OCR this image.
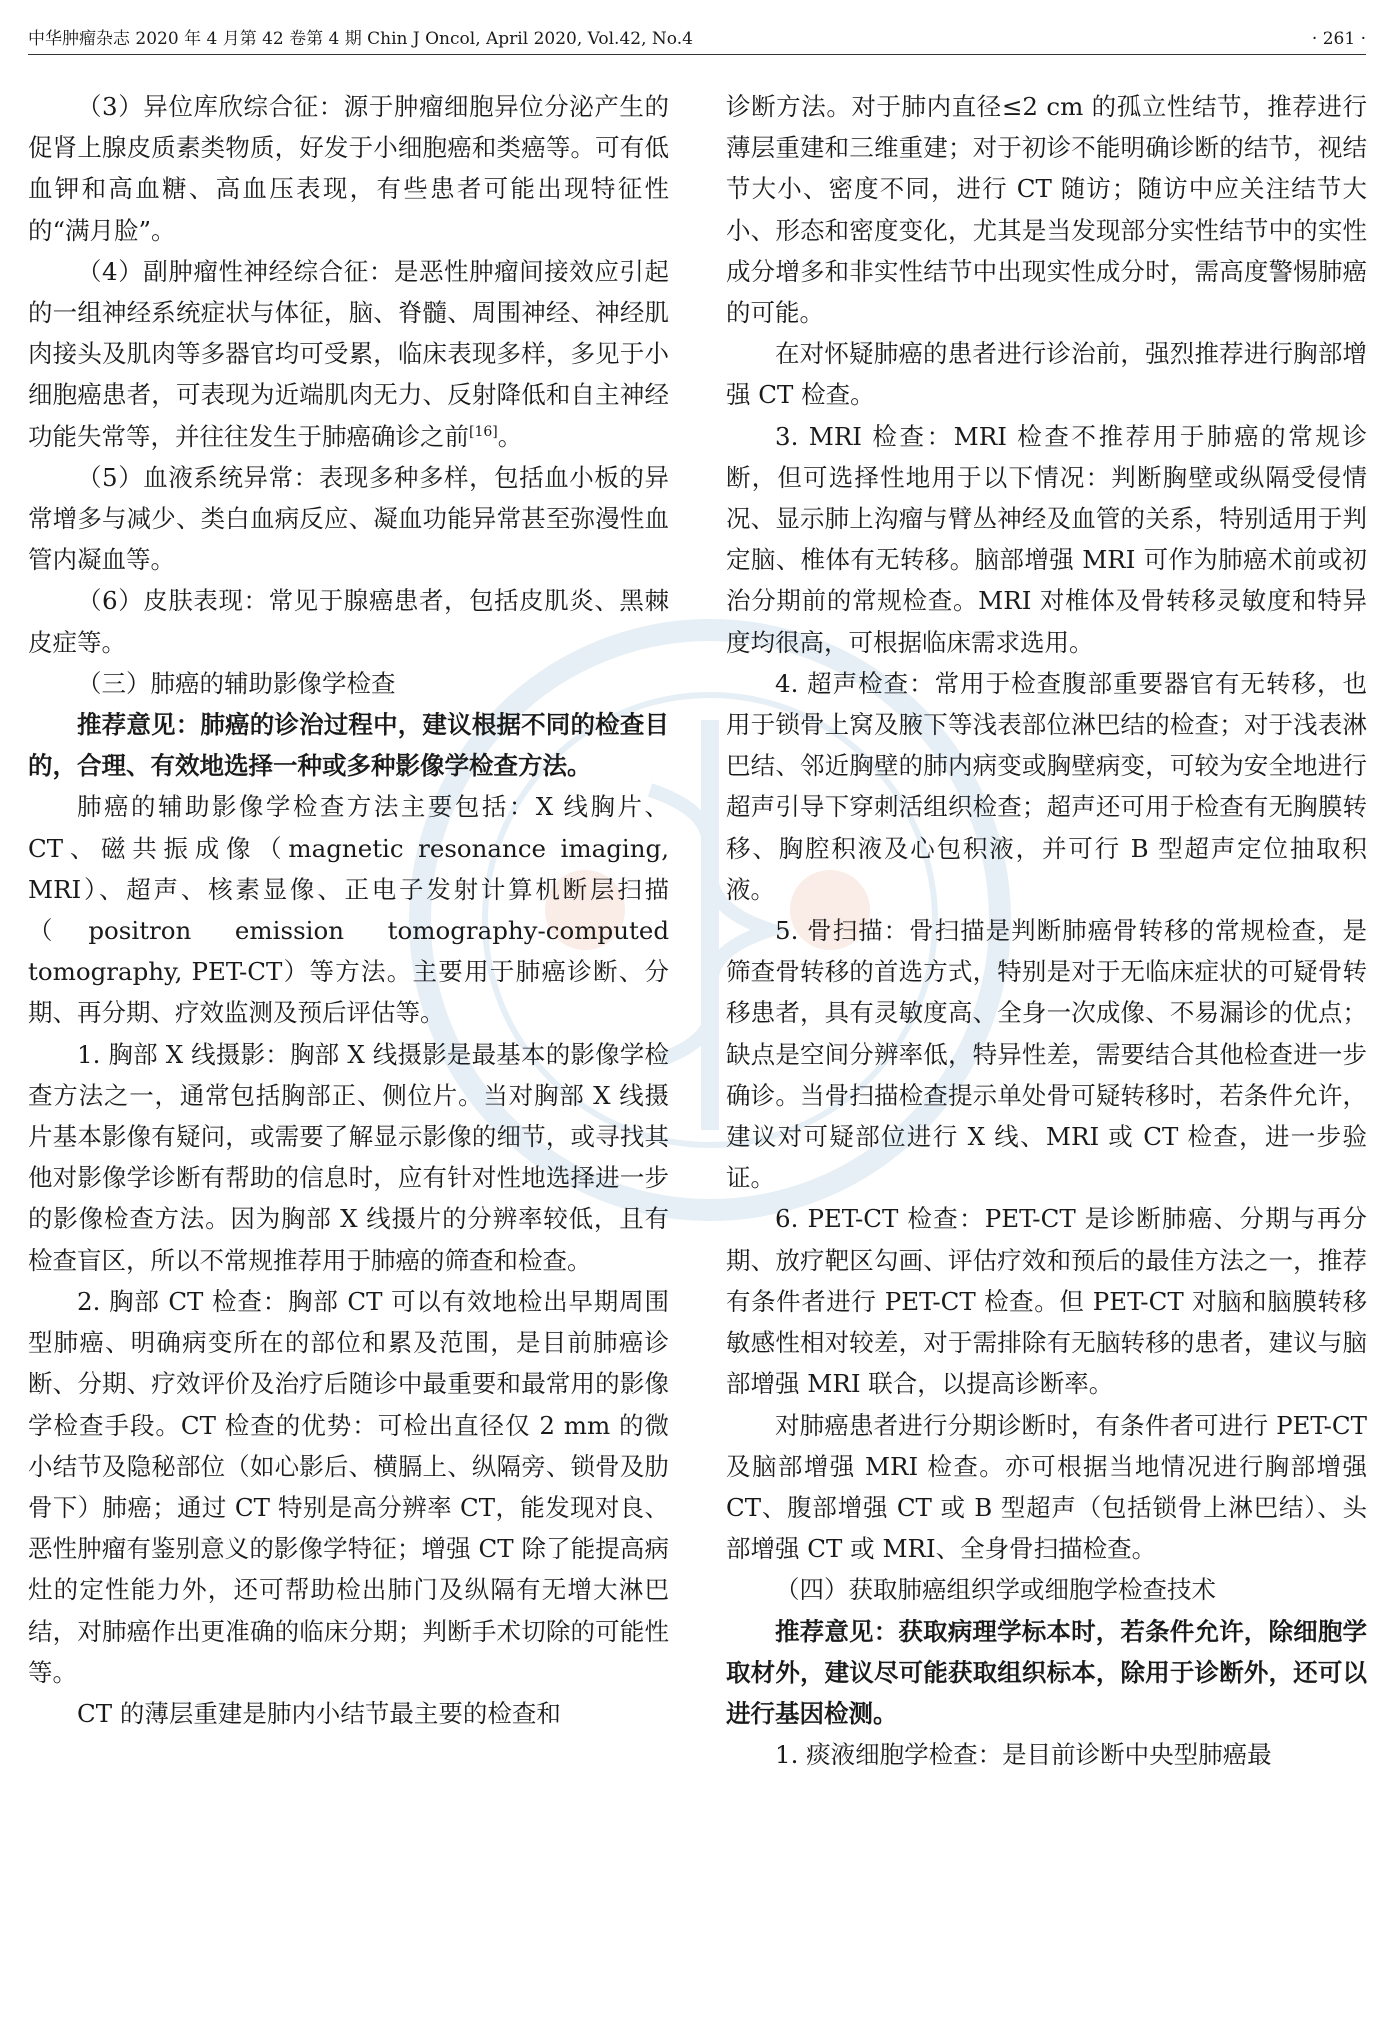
中华肿瘤杂志 2020 年 4 月第 42 卷第 4 期 Chin J Oncol, April 2020, Vol.42, No.4	· 261 ·

（3）异位库欣综合征：源于肿瘤细胞异位分泌产生的促肾上腺皮质素类物质，好发于小细胞癌和类癌等。可有低血钾和高血糖、高血压表现，有些患者可能出现特征性的“满月脸”。

（4）副肿瘤性神经综合征：是恶性肿瘤间接效应引起的一组神经系统症状与体征，脑、脊髓、周围神经、神经肌肉接头及肌肉等多器官均可受累，临床表现多样，多见于小细胞癌患者，可表现为近端肌肉无力、反射降低和自主神经功能失常等，并往往发生于肺癌确诊之前[16]。

（5）血液系统异常：表现多种多样，包括血小板的异常增多与减少、类白血病反应、凝血功能异常甚至弥漫性血管内凝血等。

（6）皮肤表现：常见于腺癌患者，包括皮肌炎、黑棘皮症等。

（三）肺癌的辅助影像学检查

推荐意见：肺癌的诊治过程中，建议根据不同的检查目的，合理、有效地选择一种或多种影像学检查方法。

肺癌的辅助影像学检查方法主要包括：X 线胸片、CT、磁共振成像（magnetic resonance imaging, MRI）、超声、核素显像、正电子发射计算机断层扫描（positron emission tomography-computed tomography, PET-CT）等方法。主要用于肺癌诊断、分期、再分期、疗效监测及预后评估等。

1. 胸部 X 线摄影：胸部 X 线摄影是最基本的影像学检查方法之一，通常包括胸部正、侧位片。当对胸部 X 线摄片基本影像有疑问，或需要了解显示影像的细节，或寻找其他对影像学诊断有帮助的信息时，应有针对性地选择进一步的影像检查方法。因为胸部 X 线摄片的分辨率较低，且有检查盲区，所以不常规推荐用于肺癌的筛查和检查。

2. 胸部 CT 检查：胸部 CT 可以有效地检出早期周围型肺癌、明确病变所在的部位和累及范围，是目前肺癌诊断、分期、疗效评价及治疗后随诊中最重要和最常用的影像学检查手段。CT 检查的优势：可检出直径仅 2 mm 的微小结节及隐秘部位（如心影后、横膈上、纵隔旁、锁骨及肋骨下）肺癌；通过 CT 特别是高分辨率 CT，能发现对良、恶性肿瘤有鉴别意义的影像学特征；增强 CT 除了能提高病灶的定性能力外，还可帮助检出肺门及纵隔有无增大淋巴结，对肺癌作出更准确的临床分期；判断手术切除的可能性等。

CT 的薄层重建是肺内小结节最主要的检查和

诊断方法。对于肺内直径≤2 cm 的孤立性结节，推荐进行薄层重建和三维重建；对于初诊不能明确诊断的结节，视结节大小、密度不同，进行 CT 随访；随访中应关注结节大小、形态和密度变化，尤其是当发现部分实性结节中的实性成分增多和非实性结节中出现实性成分时，需高度警惕肺癌的可能。

在对怀疑肺癌的患者进行诊治前，强烈推荐进行胸部增强 CT 检查。

3. MRI 检查：MRI 检查不推荐用于肺癌的常规诊断，但可选择性地用于以下情况：判断胸壁或纵隔受侵情况、显示肺上沟瘤与臂丛神经及血管的关系，特别适用于判定脑、椎体有无转移。脑部增强 MRI 可作为肺癌术前或初治分期前的常规检查。MRI 对椎体及骨转移灵敏度和特异度均很高，可根据临床需求选用。

4. 超声检查：常用于检查腹部重要器官有无转移，也用于锁骨上窝及腋下等浅表部位淋巴结的检查；对于浅表淋巴结、邻近胸壁的肺内病变或胸壁病变，可较为安全地进行超声引导下穿刺活组织检查；超声还可用于检查有无胸膜转移、胸腔积液及心包积液，并可行 B 型超声定位抽取积液。

5. 骨扫描：骨扫描是判断肺癌骨转移的常规检查，是筛查骨转移的首选方式，特别是对于无临床症状的可疑骨转移患者，具有灵敏度高、全身一次成像、不易漏诊的优点；缺点是空间分辨率低，特异性差，需要结合其他检查进一步确诊。当骨扫描检查提示单处骨可疑转移时，若条件允许，建议对可疑部位进行 X 线、MRI 或 CT 检查，进一步验证。

6. PET-CT 检查：PET-CT 是诊断肺癌、分期与再分期、放疗靶区勾画、评估疗效和预后的最佳方法之一，推荐有条件者进行 PET-CT 检查。但 PET-CT 对脑和脑膜转移敏感性相对较差，对于需排除有无脑转移的患者，建议与脑部增强 MRI 联合，以提高诊断率。

对肺癌患者进行分期诊断时，有条件者可进行 PET-CT 及脑部增强 MRI 检查。亦可根据当地情况进行胸部增强 CT、腹部增强 CT 或 B 型超声（包括锁骨上淋巴结）、头部增强 CT 或 MRI、全身骨扫描检查。

（四）获取肺癌组织学或细胞学检查技术

推荐意见：获取病理学标本时，若条件允许，除细胞学取材外，建议尽可能获取组织标本，除用于诊断外，还可以进行基因检测。

1. 痰液细胞学检查：是目前诊断中央型肺癌最
